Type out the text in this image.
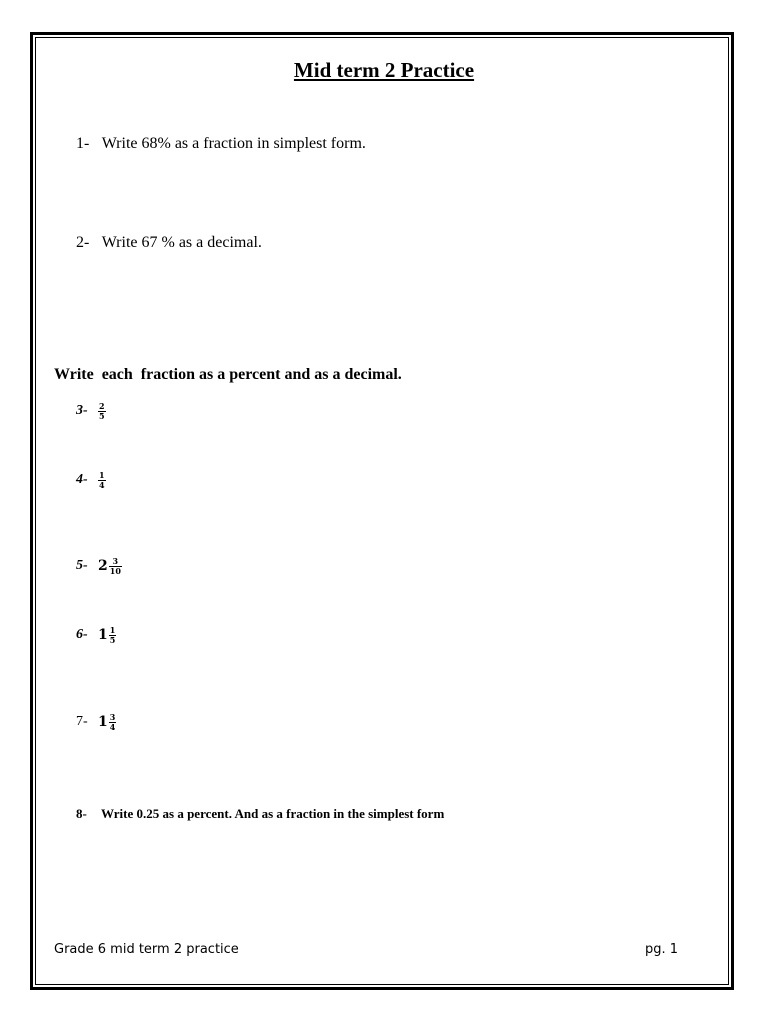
Mid term 2 Practice
1- Write 68% as a fraction in simplest form.
2- Write 67 % as a decimal.
Write  each  fraction as a percent and as a decimal.
3-	$\frac{2}{5}$
4-	$\frac{1}{4}$
5- $2 \frac{3}{10}$
6- $1 \frac{1}{5}$
7- $1 \frac{3}{4}$
8- Write 0.25 as a percent. And as a fraction in the simplest form
Grade 6 mid term 2 practice	pg. 1
